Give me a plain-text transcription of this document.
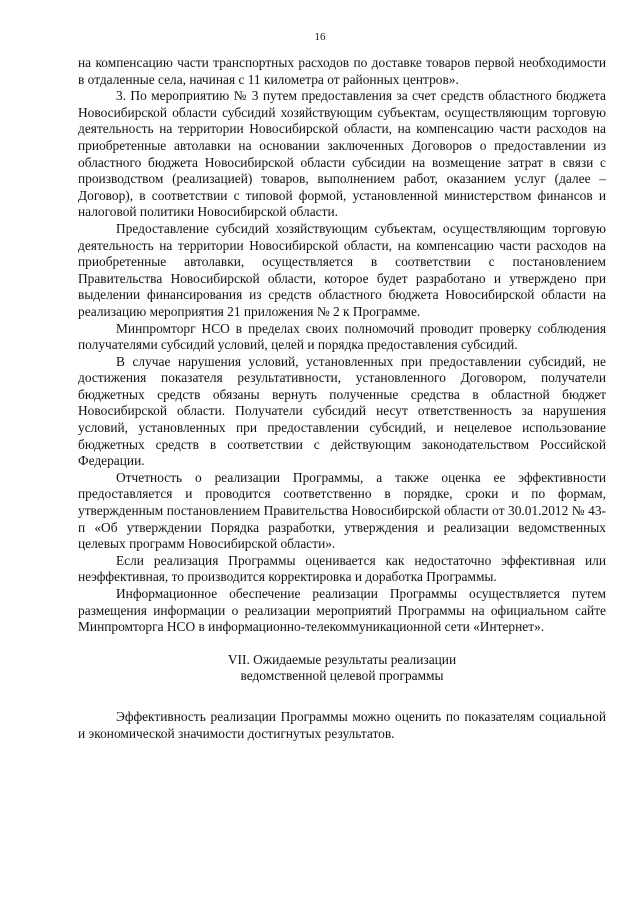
16

на компенсацию части транспортных расходов по доставке товаров первой необходимости в отдаленные села, начиная с 11 километра от районных центров».

3. По мероприятию № 3 путем предоставления за счет средств областного бюджета Новосибирской области субсидий хозяйствующим субъектам, осуществляющим торговую деятельность на территории Новосибирской области, на компенсацию части расходов на приобретенные автолавки на основании заключенных Договоров о предоставлении из областного бюджета Новосибирской области субсидии на возмещение затрат в связи с производством (реализацией) товаров, выполнением работ, оказанием услуг (далее – Договор), в соответствии с типовой формой, установленной министерством финансов и налоговой политики Новосибирской области.

Предоставление субсидий хозяйствующим субъектам, осуществляющим торговую деятельность на территории Новосибирской области, на компенсацию части расходов на приобретенные автолавки, осуществляется в соответствии с постановлением Правительства Новосибирской области, которое будет разработано и утверждено при выделении финансирования из средств областного бюджета Новосибирской области на реализацию мероприятия 21 приложения № 2 к Программе.

Минпромторг НСО в пределах своих полномочий проводит проверку соблюдения получателями субсидий условий, целей и порядка предоставления субсидий.

В случае нарушения условий, установленных при предоставлении субсидий, не достижения показателя результативности, установленного Договором, получатели бюджетных средств обязаны вернуть полученные средства в областной бюджет Новосибирской области. Получатели субсидий несут ответственность за нарушения условий, установленных при предоставлении субсидий, и нецелевое использование бюджетных средств в соответствии с действующим законодательством Российской Федерации.

Отчетность о реализации Программы, а также оценка ее эффективности предоставляется и проводится соответственно в порядке, сроки и по формам, утвержденным постановлением Правительства Новосибирской области от 30.01.2012 № 43-п «Об утверждении Порядка разработки, утверждения и реализации ведомственных целевых программ Новосибирской области».

Если реализация Программы оценивается как недостаточно эффективная или неэффективная, то производится корректировка и доработка Программы.

Информационное обеспечение реализации Программы осуществляется путем размещения информации о реализации мероприятий Программы на официальном сайте Минпромторга НСО в информационно-телекоммуникационной сети «Интернет».

VII. Ожидаемые результаты реализации
ведомственной целевой программы

Эффективность реализации Программы можно оценить по показателям социальной и экономической значимости достигнутых результатов.
